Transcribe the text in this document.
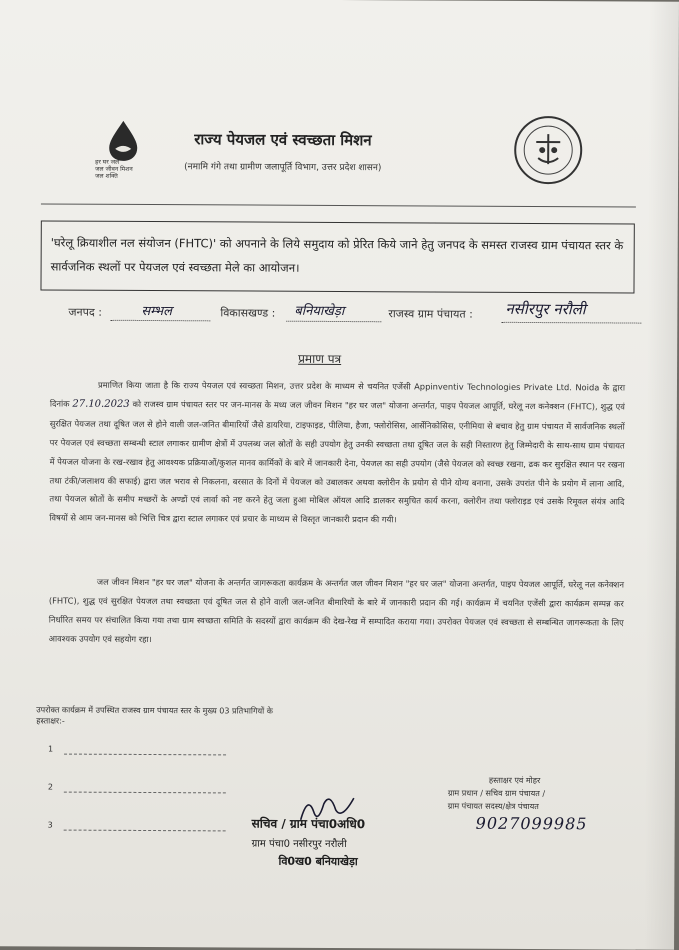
हर घर जल
जल जीवन मिशन
जल शक्ति
राज्य पेयजल एवं स्वच्छता मिशन
(नमामि गंगे तथा ग्रामीण जलापूर्ति विभाग, उत्तर प्रदेश शासन)
'घरेलू क्रियाशील नल संयोजन (FHTC)' को अपनाने के लिये समुदाय को प्रेरित किये जाने हेतु जनपद के समस्त राजस्व ग्राम पंचायत स्तर के सार्वजनिक स्थलों पर पेयजल एवं स्वच्छता मेले का आयोजन।
जनपद :	सम्भल	विकासखण्ड : बनियाखेड़ा	राजस्व ग्राम पंचायत : नसीरपुर नरौली
प्रमाण पत्र
प्रमाणित किया जाता है कि राज्य पेयजल एवं स्वच्छता मिशन, उत्तर प्रदेश के माध्यम से चयनित एजेंसी Appinventiv Technologies Private Ltd. Noida के द्वारा दिनांक 27.10.2023 को राजस्व ग्राम पंचायत स्तर पर जन-मानस के मध्य जल जीवन मिशन "हर घर जल" योजना अन्तर्गत, पाइप पेयजल आपूर्ति, घरेलू नल कनेक्शन (FHTC), शुद्ध एवं सुरक्षित पेयजल तथा दूषित जल से होने वाली जल-जनित बीमारियों जैसे डायरिया, टाइफाइड, पीलिया, हैजा, फ्लोरोसिस, आर्सेनिकोसिस, एनीमिया से बचाव हेतु ग्राम पंचायत में सार्वजनिक स्थलों पर पेयजल एवं स्वच्छता सम्बन्धी स्टाल लगाकर ग्रामीण क्षेत्रों में उपलब्ध जल स्रोतों के सही उपयोग हेतु उनकी स्वच्छता तथा दूषित जल के सही निस्तारण हेतु जिम्मेदारी के साथ-साथ ग्राम पंचायत में पेयजल योजना के रख-रखाव हेतु आवश्यक प्रक्रियाओं/कुशल मानव कार्मिकों के बारे में जानकारी देना, पेयजल का सही उपयोग (जैसे पेयजल को स्वच्छ रखना, ढक कर सुरक्षित स्थान पर रखना तथा टंकी/जलाशय की सफाई) द्वारा जल भराव से निकलना, बरसात के दिनों में पेयजल को उबालकर अथवा क्लोरीन के प्रयोग से पीने योग्य बनाना, उसके उपरांत पीने के प्रयोग में लाना आदि, तथा पेयजल स्रोतों के समीप मच्छरों के अण्डों एवं लार्वा को नष्ट करने हेतु जला हुआ मोबिल ऑयल आदि डालकर समुचित कार्य करना, क्लोरीन तथा फ्लोराइड एवं उसके रिमूवल संयंत्र आदि विषयों से आम जन-मानस को भित्ति चित्र द्वारा स्टाल लगाकर एवं प्रचार के माध्यम से विस्तृत जानकारी प्रदान की गयी।
जल जीवन मिशन "हर घर जल" योजना के अन्तर्गत जागरूकता कार्यक्रम के अन्तर्गत जल जीवन मिशन "हर घर जल" योजना अन्तर्गत, पाइप पेयजल आपूर्ति, घरेलू नल कनेक्शन (FHTC), शुद्ध एवं सुरक्षित पेयजल तथा स्वच्छता एवं दूषित जल से होने वाली जल-जनित बीमारियों के बारे में जानकारी प्रदान की गई। कार्यक्रम में चयनित एजेंसी द्वारा कार्यक्रम सम्पन्न कर निर्धारित समय पर संचालित किया गया तथा ग्राम स्वच्छता समिति के सदस्यों द्वारा कार्यक्रम की देख-रेख में सम्पादित कराया गया। उपरोक्त पेयजल एवं स्वच्छता से सम्बन्धित जागरूकता के लिए आवश्यक उपयोग एवं सहयोग रहा।
उपरोक्त कार्यक्रम में उपस्थित राजस्व ग्राम पंचायत स्तर के मुख्य 03 प्रतिभागियों के
हस्ताक्षर:-
1
2
3
हस्ताक्षर एवं मोहर
ग्राम प्रधान / सचिव ग्राम पंचायत /
ग्राम पंचायत सदस्य/क्षेत्र पंचायत
9027099985
सचिव / ग्राम पंचा0अधि0
ग्राम पंचा0 नसीरपुर नरौली
वि0ख0 बनियाखेड़ा
